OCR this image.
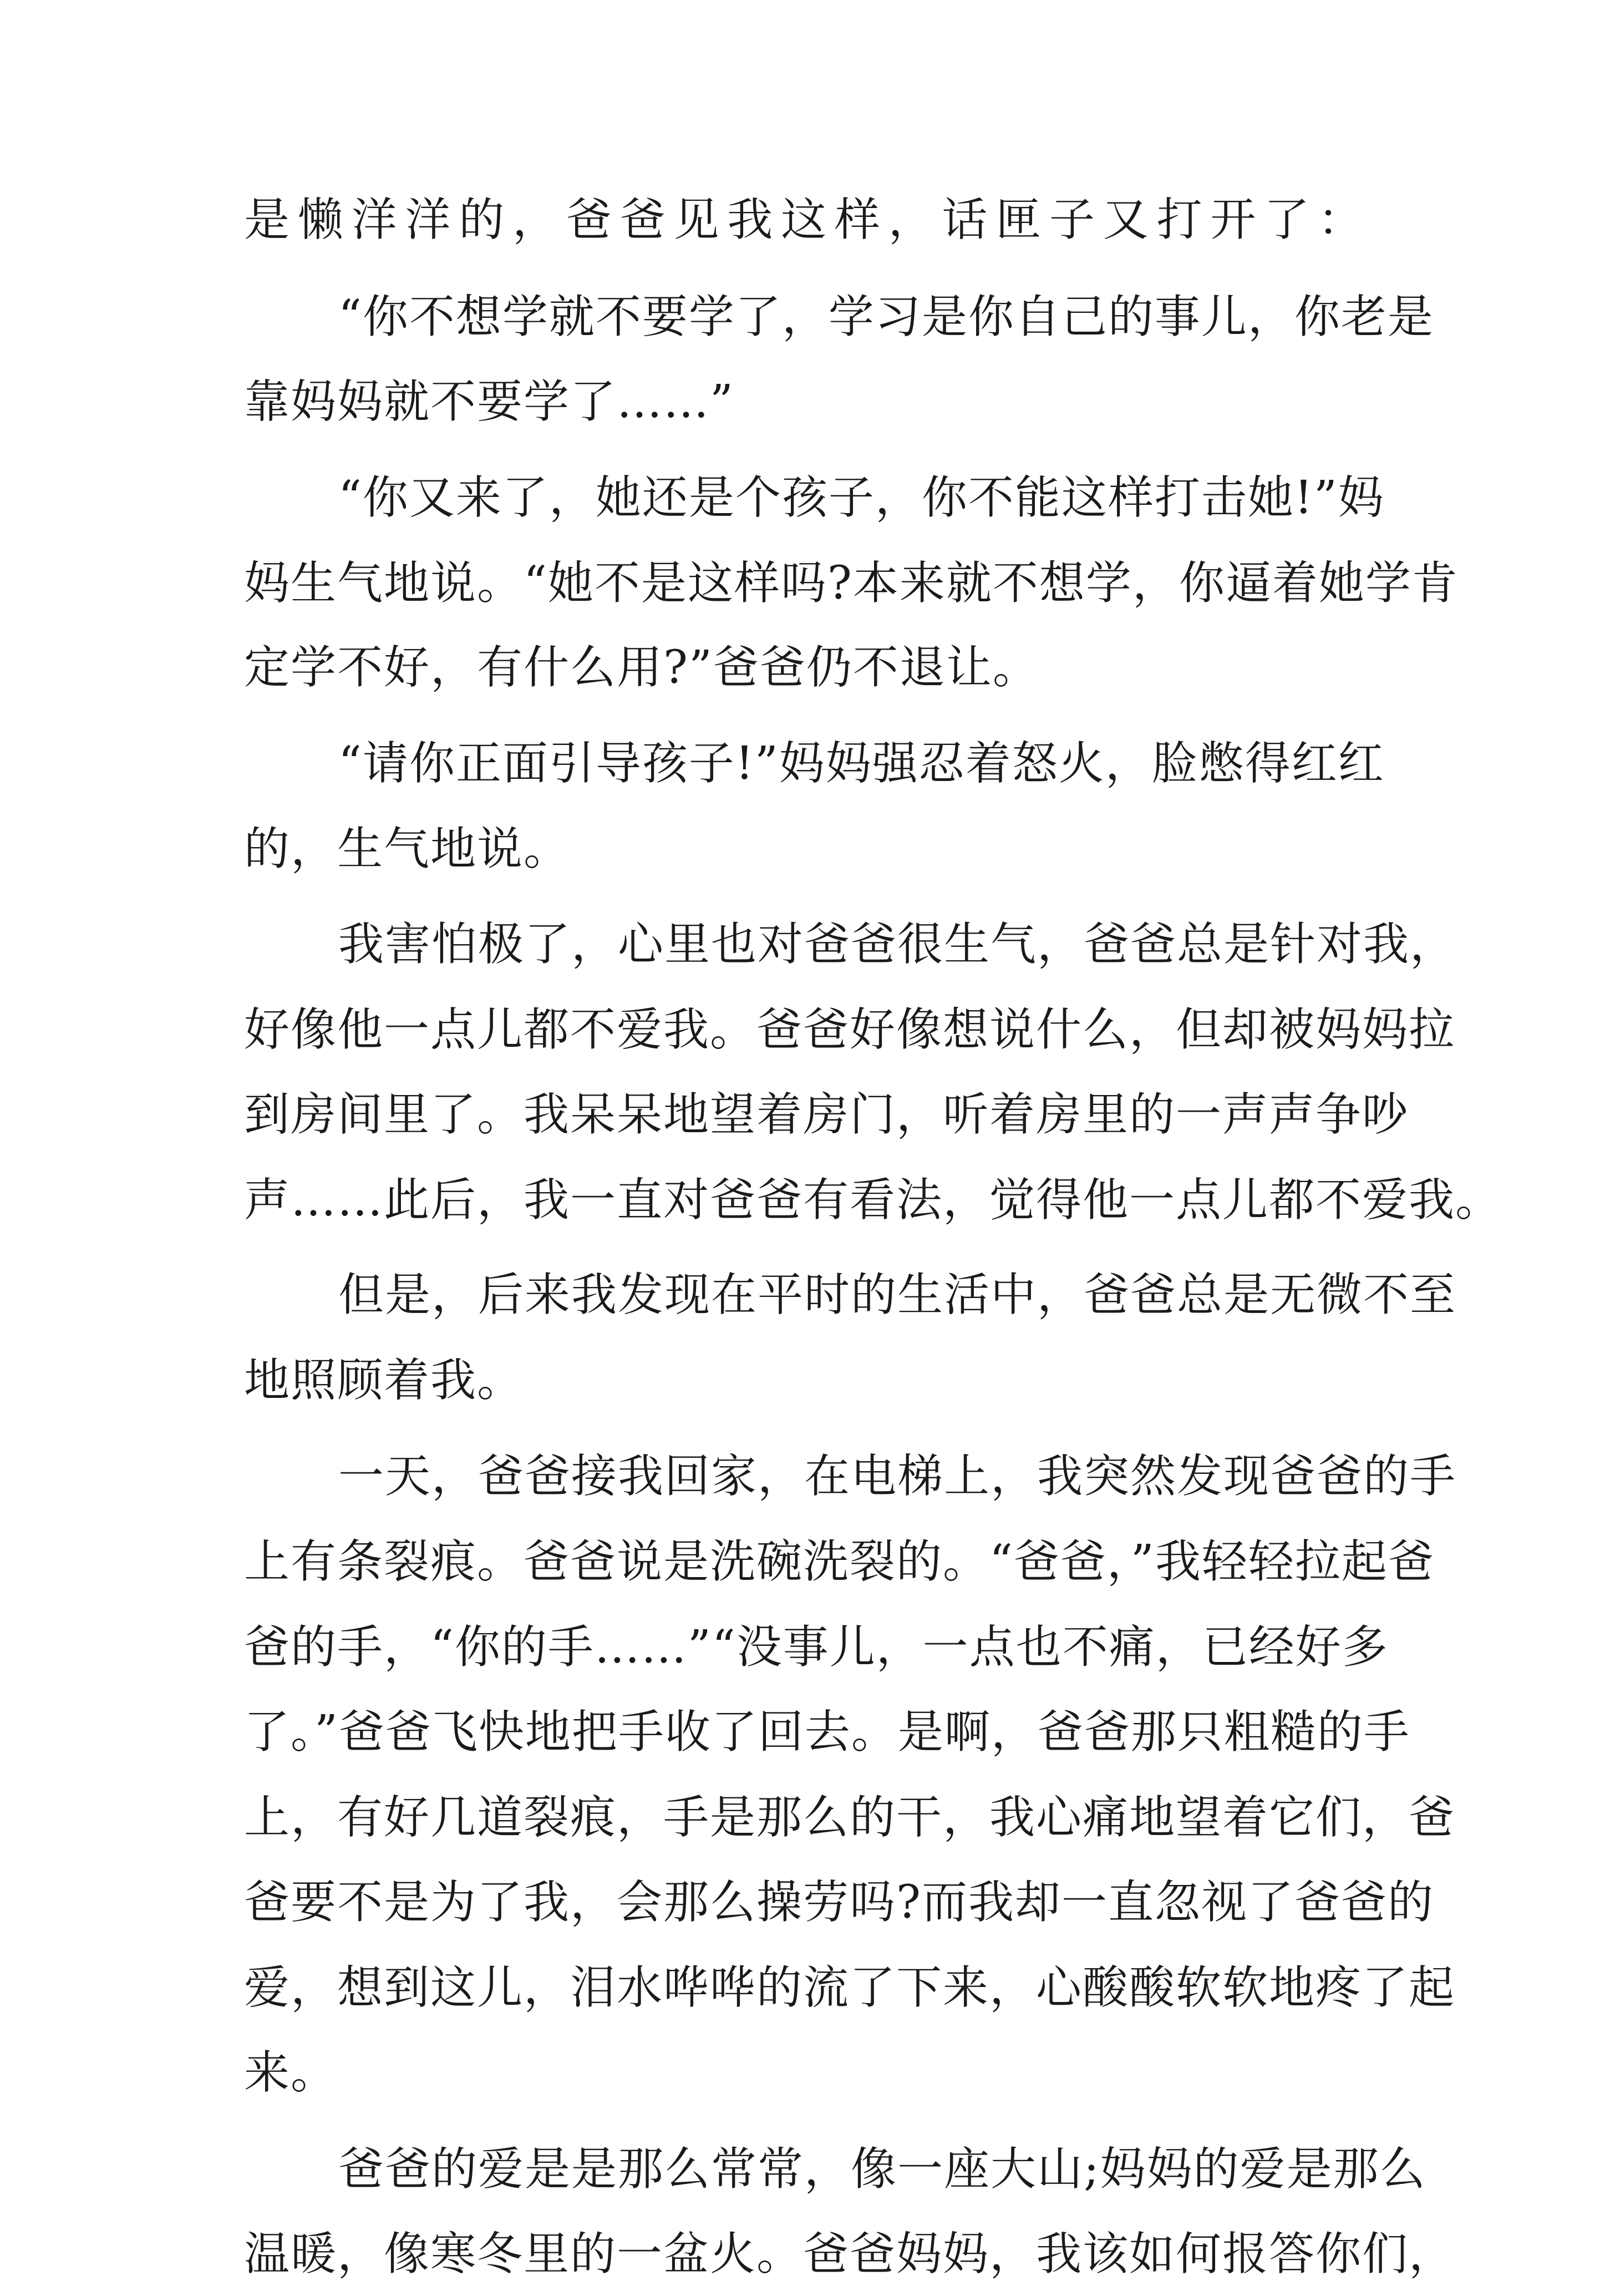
是懒洋洋的，爸爸见我这样，话匣子又打开了：
“你不想学就不要学了，学习是你自己的事儿，你老是
靠妈妈就不要学了……”
“你又来了，她还是个孩子，你不能这样打击她!”妈
妈生气地说。“她不是这样吗?本来就不想学，你逼着她学肯
定学不好，有什么用?”爸爸仍不退让。
“请你正面引导孩子!”妈妈强忍着怒火，脸憋得红红
的，生气地说。
我害怕极了，心里也对爸爸很生气，爸爸总是针对我，
好像他一点儿都不爱我。爸爸好像想说什么，但却被妈妈拉
到房间里了。我呆呆地望着房门，听着房里的一声声争吵
声……此后，我一直对爸爸有看法，觉得他一点儿都不爱我。
但是，后来我发现在平时的生活中，爸爸总是无微不至
地照顾着我。
一天，爸爸接我回家，在电梯上，我突然发现爸爸的手
上有条裂痕。爸爸说是洗碗洗裂的。“爸爸，”我轻轻拉起爸
爸的手，“你的手……”“没事儿，一点也不痛，已经好多
了。”爸爸飞快地把手收了回去。是啊，爸爸那只粗糙的手
上，有好几道裂痕，手是那么的干，我心痛地望着它们，爸
爸要不是为了我，会那么操劳吗?而我却一直忽视了爸爸的
爱，想到这儿，泪水哗哗的流了下来，心酸酸软软地疼了起
来。
爸爸的爱是是那么常常，像一座大山;妈妈的爱是那么
温暖，像寒冬里的一盆火。爸爸妈妈，我该如何报答你们，
